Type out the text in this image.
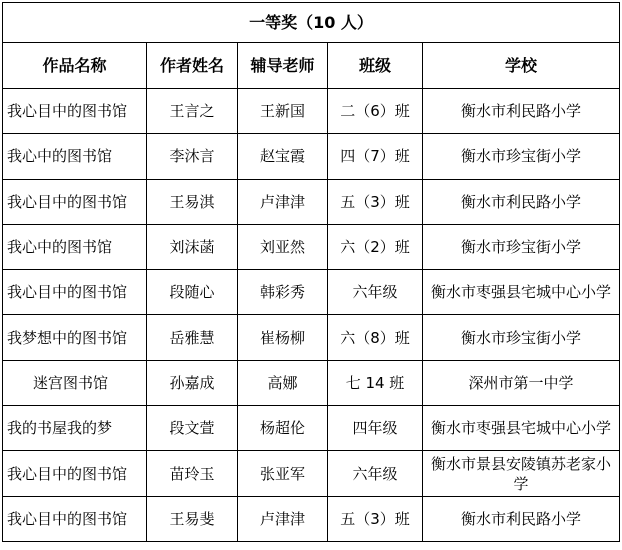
一等奖（10 人）				
作品名称	作者姓名	辅导老师	班级	学校
我心目中的图书馆	王言之	王新国	二（6）班	衡水市利民路小学
我心中的图书馆	李沐言	赵宝霞	四（7）班	衡水市珍宝街小学
我心目中的图书馆	王易淇	卢津津	五（3）班	衡水市利民路小学
我心中的图书馆	刘沫菡	刘亚然	六（2）班	衡水市珍宝街小学
我心目中的图书馆	段随心	韩彩秀	六年级	衡水市枣强县宅城中心小学
我梦想中的图书馆	岳雅慧	崔杨柳	六（8）班	衡水市珍宝街小学
迷宫图书馆	孙嘉成	高娜	七 14 班	深州市第一中学
我的书屋我的梦	段文萱	杨超伦	四年级	衡水市枣强县宅城中心小学
我心目中的图书馆	苗玲玉	张亚军	六年级	衡水市景县安陵镇苏老家小学
我心目中的图书馆	王易斐	卢津津	五（3）班	衡水市利民路小学
